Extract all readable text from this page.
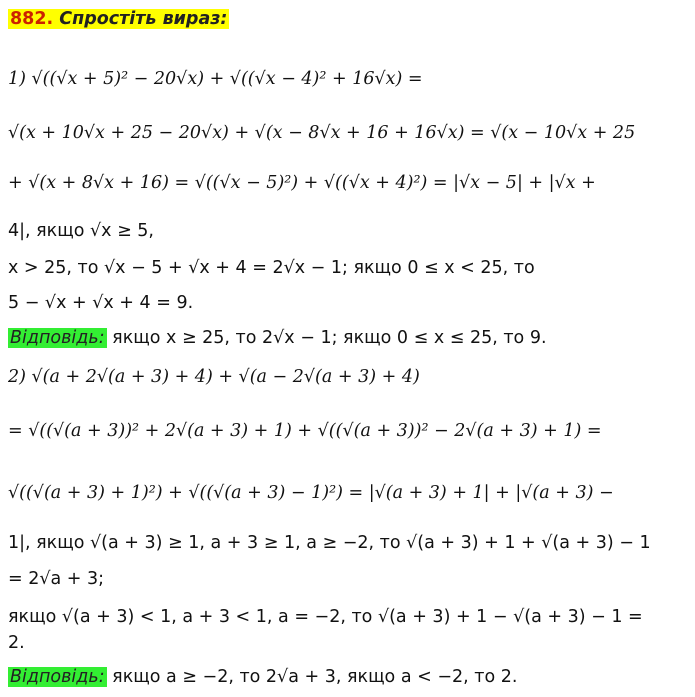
882. Спростіть вираз:
1) √((√x + 5)² − 20√x) + √((√x − 4)² + 16√x) =
√(x + 10√x + 25 − 20√x) + √(x − 8√x + 16 + 16√x) = √(x − 10√x + 25
+ √(x + 8√x + 16) = √((√x − 5)²) + √((√x + 4)²) = |√x − 5| + |√x +
4|, якщо √x ≥ 5,
x > 25, то √x − 5 + √x + 4 = 2√x − 1; якщо 0 ≤ x < 25, то
5 − √x + √x + 4 = 9.
Відповідь: якщо x ≥ 25, то 2√x − 1; якщо 0 ≤ x ≤ 25, то 9.
2) √(a + 2√(a + 3) + 4) + √(a − 2√(a + 3) + 4)
= √((√(a + 3))² + 2√(a + 3) + 1) + √((√(a + 3))² − 2√(a + 3) + 1) =
√((√(a + 3) + 1)²) + √((√(a + 3) − 1)²) = |√(a + 3) + 1| + |√(a + 3) −
1|, якщо √(a + 3) ≥ 1, a + 3 ≥ 1, a ≥ −2, то √(a + 3) + 1 + √(a + 3) − 1
= 2√a + 3;
якщо √(a + 3) < 1, a + 3 < 1, a = −2, то √(a + 3) + 1 − √(a + 3) − 1 =
2.
Відповідь: якщо a ≥ −2, то 2√a + 3, якщо a < −2, то 2.
